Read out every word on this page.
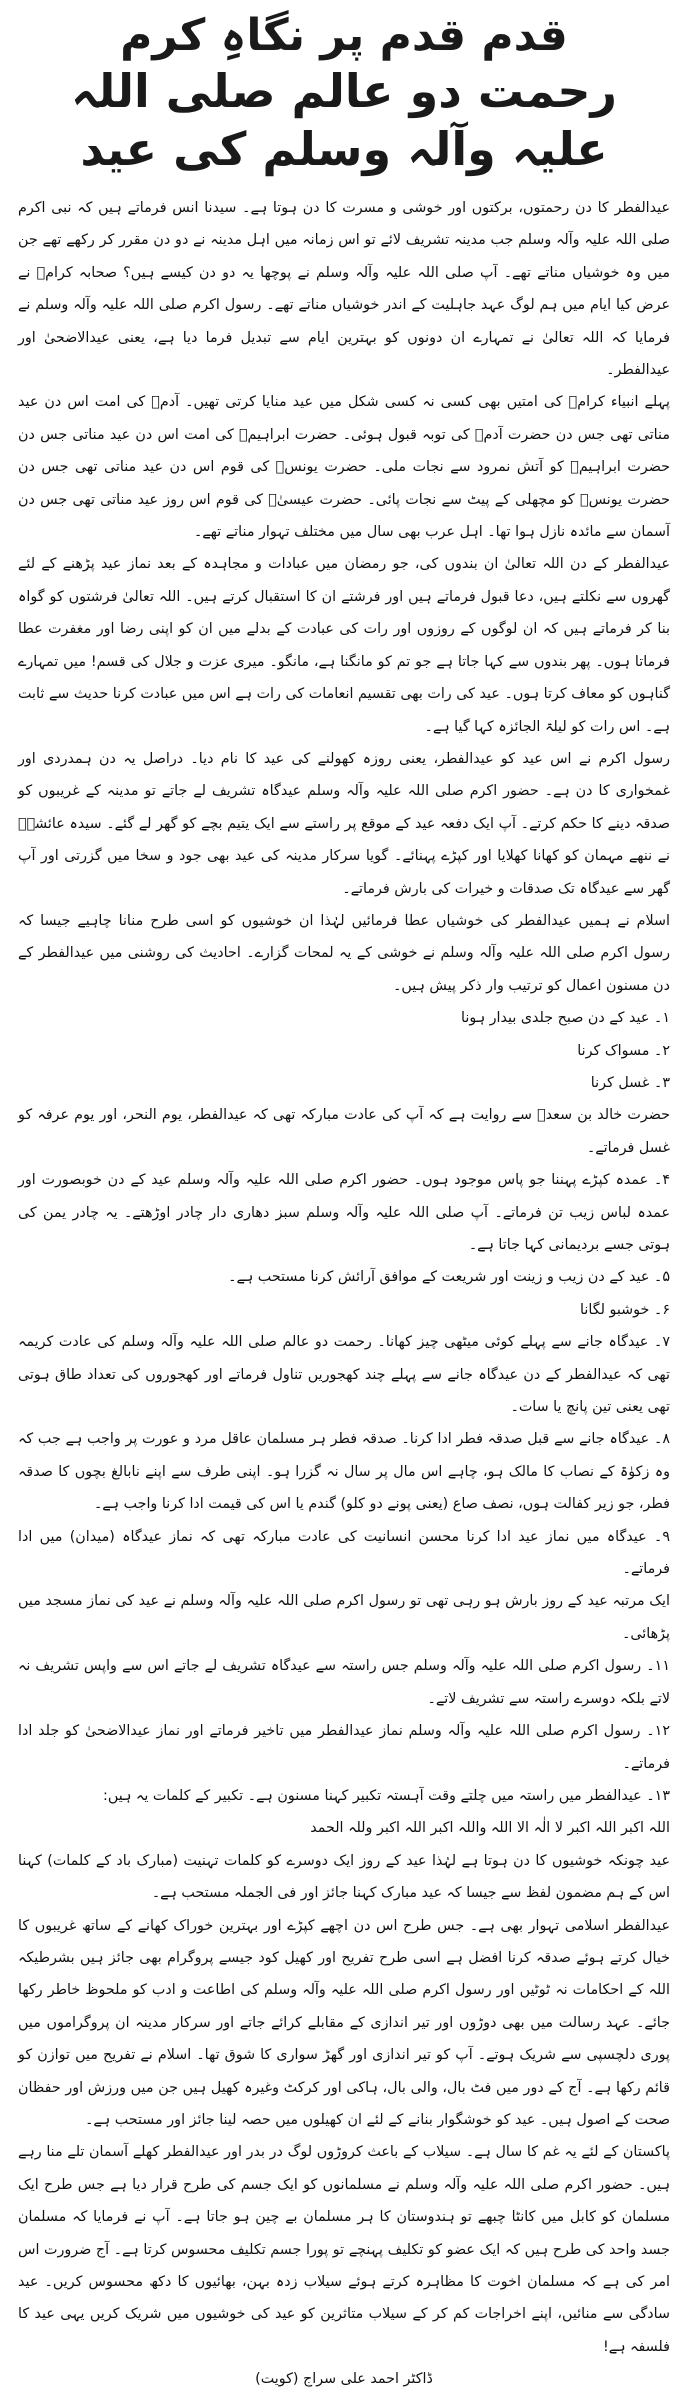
قدم قدم پر نگاہِ کرم
رحمت دو عالم صلی اللہ علیہ وآلہ وسلم کی عید

عیدالفطر کا دن رحمتوں، برکتوں اور خوشی و مسرت کا دن ہوتا ہے۔ سیدنا انس فرماتے ہیں کہ نبی اکرم صلی اللہ علیہ وآلہ وسلم جب مدینہ تشریف لائے تو اس زمانہ میں اہل مدینہ نے دو دن مقرر کر رکھے تھے جن میں وہ خوشیاں مناتے تھے۔ آپ صلی اللہ علیہ وآلہ وسلم نے پوچھا یہ دو دن کیسے ہیں؟ صحابہ کرامؓ نے عرض کیا ایام میں ہم لوگ عہد جاہلیت کے اندر خوشیاں مناتے تھے۔ رسول اکرم صلی اللہ علیہ وآلہ وسلم نے فرمایا کہ اللہ تعالیٰ نے تمہارے ان دونوں کو بہترین ایام سے تبدیل فرما دیا ہے، یعنی عیدالاضحیٰ اور عیدالفطر۔

پہلے انبیاء کرامؑ کی امتیں بھی کسی نہ کسی شکل میں عید منایا کرتی تھیں۔ آدمؑ کی امت اس دن عید مناتی تھی جس دن حضرت آدمؑ کی توبہ قبول ہوئی۔ حضرت ابراہیمؑ کی امت اس دن عید مناتی جس دن حضرت ابراہیمؑ کو آتش نمرود سے نجات ملی۔ حضرت یونسؑ کی قوم اس دن عید مناتی تھی جس دن حضرت یونسؑ کو مچھلی کے پیٹ سے نجات پائی۔ حضرت عیسیٰؑ کی قوم اس روز عید مناتی تھی جس دن آسمان سے مائدہ نازل ہوا تھا۔ اہل عرب بھی سال میں مختلف تہوار مناتے تھے۔

عیدالفطر کے دن اللہ تعالیٰ ان بندوں کی، جو رمضان میں عبادات و مجاہدہ کے بعد نماز عید پڑھنے کے لئے گھروں سے نکلتے ہیں، دعا قبول فرماتے ہیں اور فرشتے ان کا استقبال کرتے ہیں۔ اللہ تعالیٰ فرشتوں کو گواہ بنا کر فرماتے ہیں کہ ان لوگوں کے روزوں اور رات کی عبادت کے بدلے میں ان کو اپنی رضا اور مغفرت عطا فرماتا ہوں۔ پھر بندوں سے کہا جاتا ہے جو تم کو مانگنا ہے، مانگو۔ میری عزت و جلال کی قسم! میں تمہارے گناہوں کو معاف کرتا ہوں۔ عید کی رات بھی تقسیم انعامات کی رات ہے اس میں عبادت کرنا حدیث سے ثابت ہے۔ اس رات کو لیلۃ الجائزہ کہا گیا ہے۔

رسول اکرم نے اس عید کو عیدالفطر، یعنی روزہ کھولنے کی عید کا نام دیا۔ دراصل یہ دن ہمدردی اور غمخواری کا دن ہے۔ حضور اکرم صلی اللہ علیہ وآلہ وسلم عیدگاہ تشریف لے جاتے تو مدینہ کے غریبوں کو صدقہ دینے کا حکم کرتے۔ آپ ایک دفعہ عید کے موقع پر راستے سے ایک یتیم بچے کو گھر لے گئے۔ سیدہ عائشہؓ نے ننھے مہمان کو کھانا کھلایا اور کپڑے پہنائے۔ گویا سرکار مدینہ کی عید بھی جود و سخا میں گزرتی اور آپ گھر سے عیدگاہ تک صدقات و خیرات کی بارش فرماتے۔

اسلام نے ہمیں عیدالفطر کی خوشیاں عطا فرمائیں لہٰذا ان خوشیوں کو اسی طرح منانا چاہیے جیسا کہ رسول اکرم صلی اللہ علیہ وآلہ وسلم نے خوشی کے یہ لمحات گزارے۔ احادیث کی روشنی میں عیدالفطر کے دن مسنون اعمال کو ترتیب وار ذکر پیش ہیں۔

۱۔ عید کے دن صبح جلدی بیدار ہونا

۲۔ مسواک کرنا

۳۔ غسل کرنا

حضرت خالد بن سعدؓ سے روایت ہے کہ آپ کی عادت مبارکہ تھی کہ عیدالفطر، یوم النحر، اور یوم عرفہ کو غسل فرماتے۔

۴۔ عمدہ کپڑے پہننا جو پاس موجود ہوں۔ حضور اکرم صلی اللہ علیہ وآلہ وسلم عید کے دن خوبصورت اور عمدہ لباس زیب تن فرماتے۔ آپ صلی اللہ علیہ وآلہ وسلم سبز دھاری دار چادر اوڑھتے۔ یہ چادر یمن کی ہوتی جسے بردیمانی کہا جاتا ہے۔

۵۔ عید کے دن زیب و زینت اور شریعت کے موافق آرائش کرنا مستحب ہے۔

۶۔ خوشبو لگانا

۷۔ عیدگاہ جانے سے پہلے کوئی میٹھی چیز کھانا۔ رحمت دو عالم صلی اللہ علیہ وآلہ وسلم کی عادت کریمہ تھی کہ عیدالفطر کے دن عیدگاہ جانے سے پہلے چند کھجوریں تناول فرماتے اور کھجوروں کی تعداد طاق ہوتی تھی یعنی تین پانچ یا سات۔

۸۔ عیدگاہ جانے سے قبل صدقہ فطر ادا کرنا۔ صدقہ فطر ہر مسلمان عاقل مرد و عورت پر واجب ہے جب کہ وہ زکوٰۃ کے نصاب کا مالک ہو، چاہے اس مال پر سال نہ گزرا ہو۔ اپنی طرف سے اپنے نابالغ بچوں کا صدقہ فطر، جو زیر کفالت ہوں، نصف صاع (یعنی پونے دو کلو) گندم یا اس کی قیمت ادا کرنا واجب ہے۔

۹۔ عیدگاہ میں نماز عید ادا کرنا محسن انسانیت کی عادت مبارکہ تھی کہ نماز عیدگاہ (میدان) میں ادا فرماتے۔

ایک مرتبہ عید کے روز بارش ہو رہی تھی تو رسول اکرم صلی اللہ علیہ وآلہ وسلم نے عید کی نماز مسجد میں پڑھائی۔

۱۱۔ رسول اکرم صلی اللہ علیہ وآلہ وسلم جس راستہ سے عیدگاہ تشریف لے جاتے اس سے واپس تشریف نہ لاتے بلکہ دوسرے راستہ سے تشریف لاتے۔

۱۲۔ رسول اکرم صلی اللہ علیہ وآلہ وسلم نماز عیدالفطر میں تاخیر فرماتے اور نماز عیدالاضحیٰ کو جلد ادا فرماتے۔

۱۳۔ عیدالفطر میں راستہ میں چلتے وقت آہستہ تکبیر کہنا مسنون ہے۔ تکبیر کے کلمات یہ ہیں:

اللہ اکبر اللہ اکبر لا الٰہ الا اللہ واللہ اکبر اللہ اکبر وللہ الحمد

عید چونکہ خوشیوں کا دن ہوتا ہے لہٰذا عید کے روز ایک دوسرے کو کلمات تہنیت (مبارک باد کے کلمات) کہنا اس کے ہم مضمون لفظ سے جیسا کہ عید مبارک کہنا جائز اور فی الجملہ مستحب ہے۔

عیدالفطر اسلامی تہوار بھی ہے۔ جس طرح اس دن اچھے کپڑے اور بہترین خوراک کھانے کے ساتھ غریبوں کا خیال کرتے ہوئے صدقہ کرنا افضل ہے اسی طرح تفریح اور کھیل کود جیسے پروگرام بھی جائز ہیں بشرطیکہ اللہ کے احکامات نہ ٹوٹیں اور رسول اکرم صلی اللہ علیہ وآلہ وسلم کی اطاعت و ادب کو ملحوظ خاطر رکھا جائے۔ عہد رسالت میں بھی دوڑوں اور تیر اندازی کے مقابلے کرائے جاتے اور سرکار مدینہ ان پروگراموں میں پوری دلچسپی سے شریک ہوتے۔ آپ کو تیر اندازی اور گھڑ سواری کا شوق تھا۔ اسلام نے تفریح میں توازن کو قائم رکھا ہے۔ آج کے دور میں فٹ بال، والی بال، ہاکی اور کرکٹ وغیرہ کھیل ہیں جن میں ورزش اور حفظان صحت کے اصول ہیں۔ عید کو خوشگوار بنانے کے لئے ان کھیلوں میں حصہ لینا جائز اور مستحب ہے۔

پاکستان کے لئے یہ غم کا سال ہے۔ سیلاب کے باعث کروڑوں لوگ در بدر اور عیدالفطر کھلے آسمان تلے منا رہے ہیں۔ حضور اکرم صلی اللہ علیہ وآلہ وسلم نے مسلمانوں کو ایک جسم کی طرح قرار دیا ہے جس طرح ایک مسلمان کو کابل میں کانٹا چبھے تو ہندوستان کا ہر مسلمان بے چین ہو جاتا ہے۔ آپ نے فرمایا کہ مسلمان جسد واحد کی طرح ہیں کہ ایک عضو کو تکلیف پہنچے تو پورا جسم تکلیف محسوس کرتا ہے۔ آج ضرورت اس امر کی ہے کہ مسلمان اخوت کا مظاہرہ کرتے ہوئے سیلاب زدہ بہن، بھائیوں کا دکھ محسوس کریں۔ عید سادگی سے منائیں، اپنے اخراجات کم کر کے سیلاب متاثرین کو عید کی خوشیوں میں شریک کریں یہی عید کا فلسفہ ہے!

ڈاکٹر احمد علی سراج (کویت)
